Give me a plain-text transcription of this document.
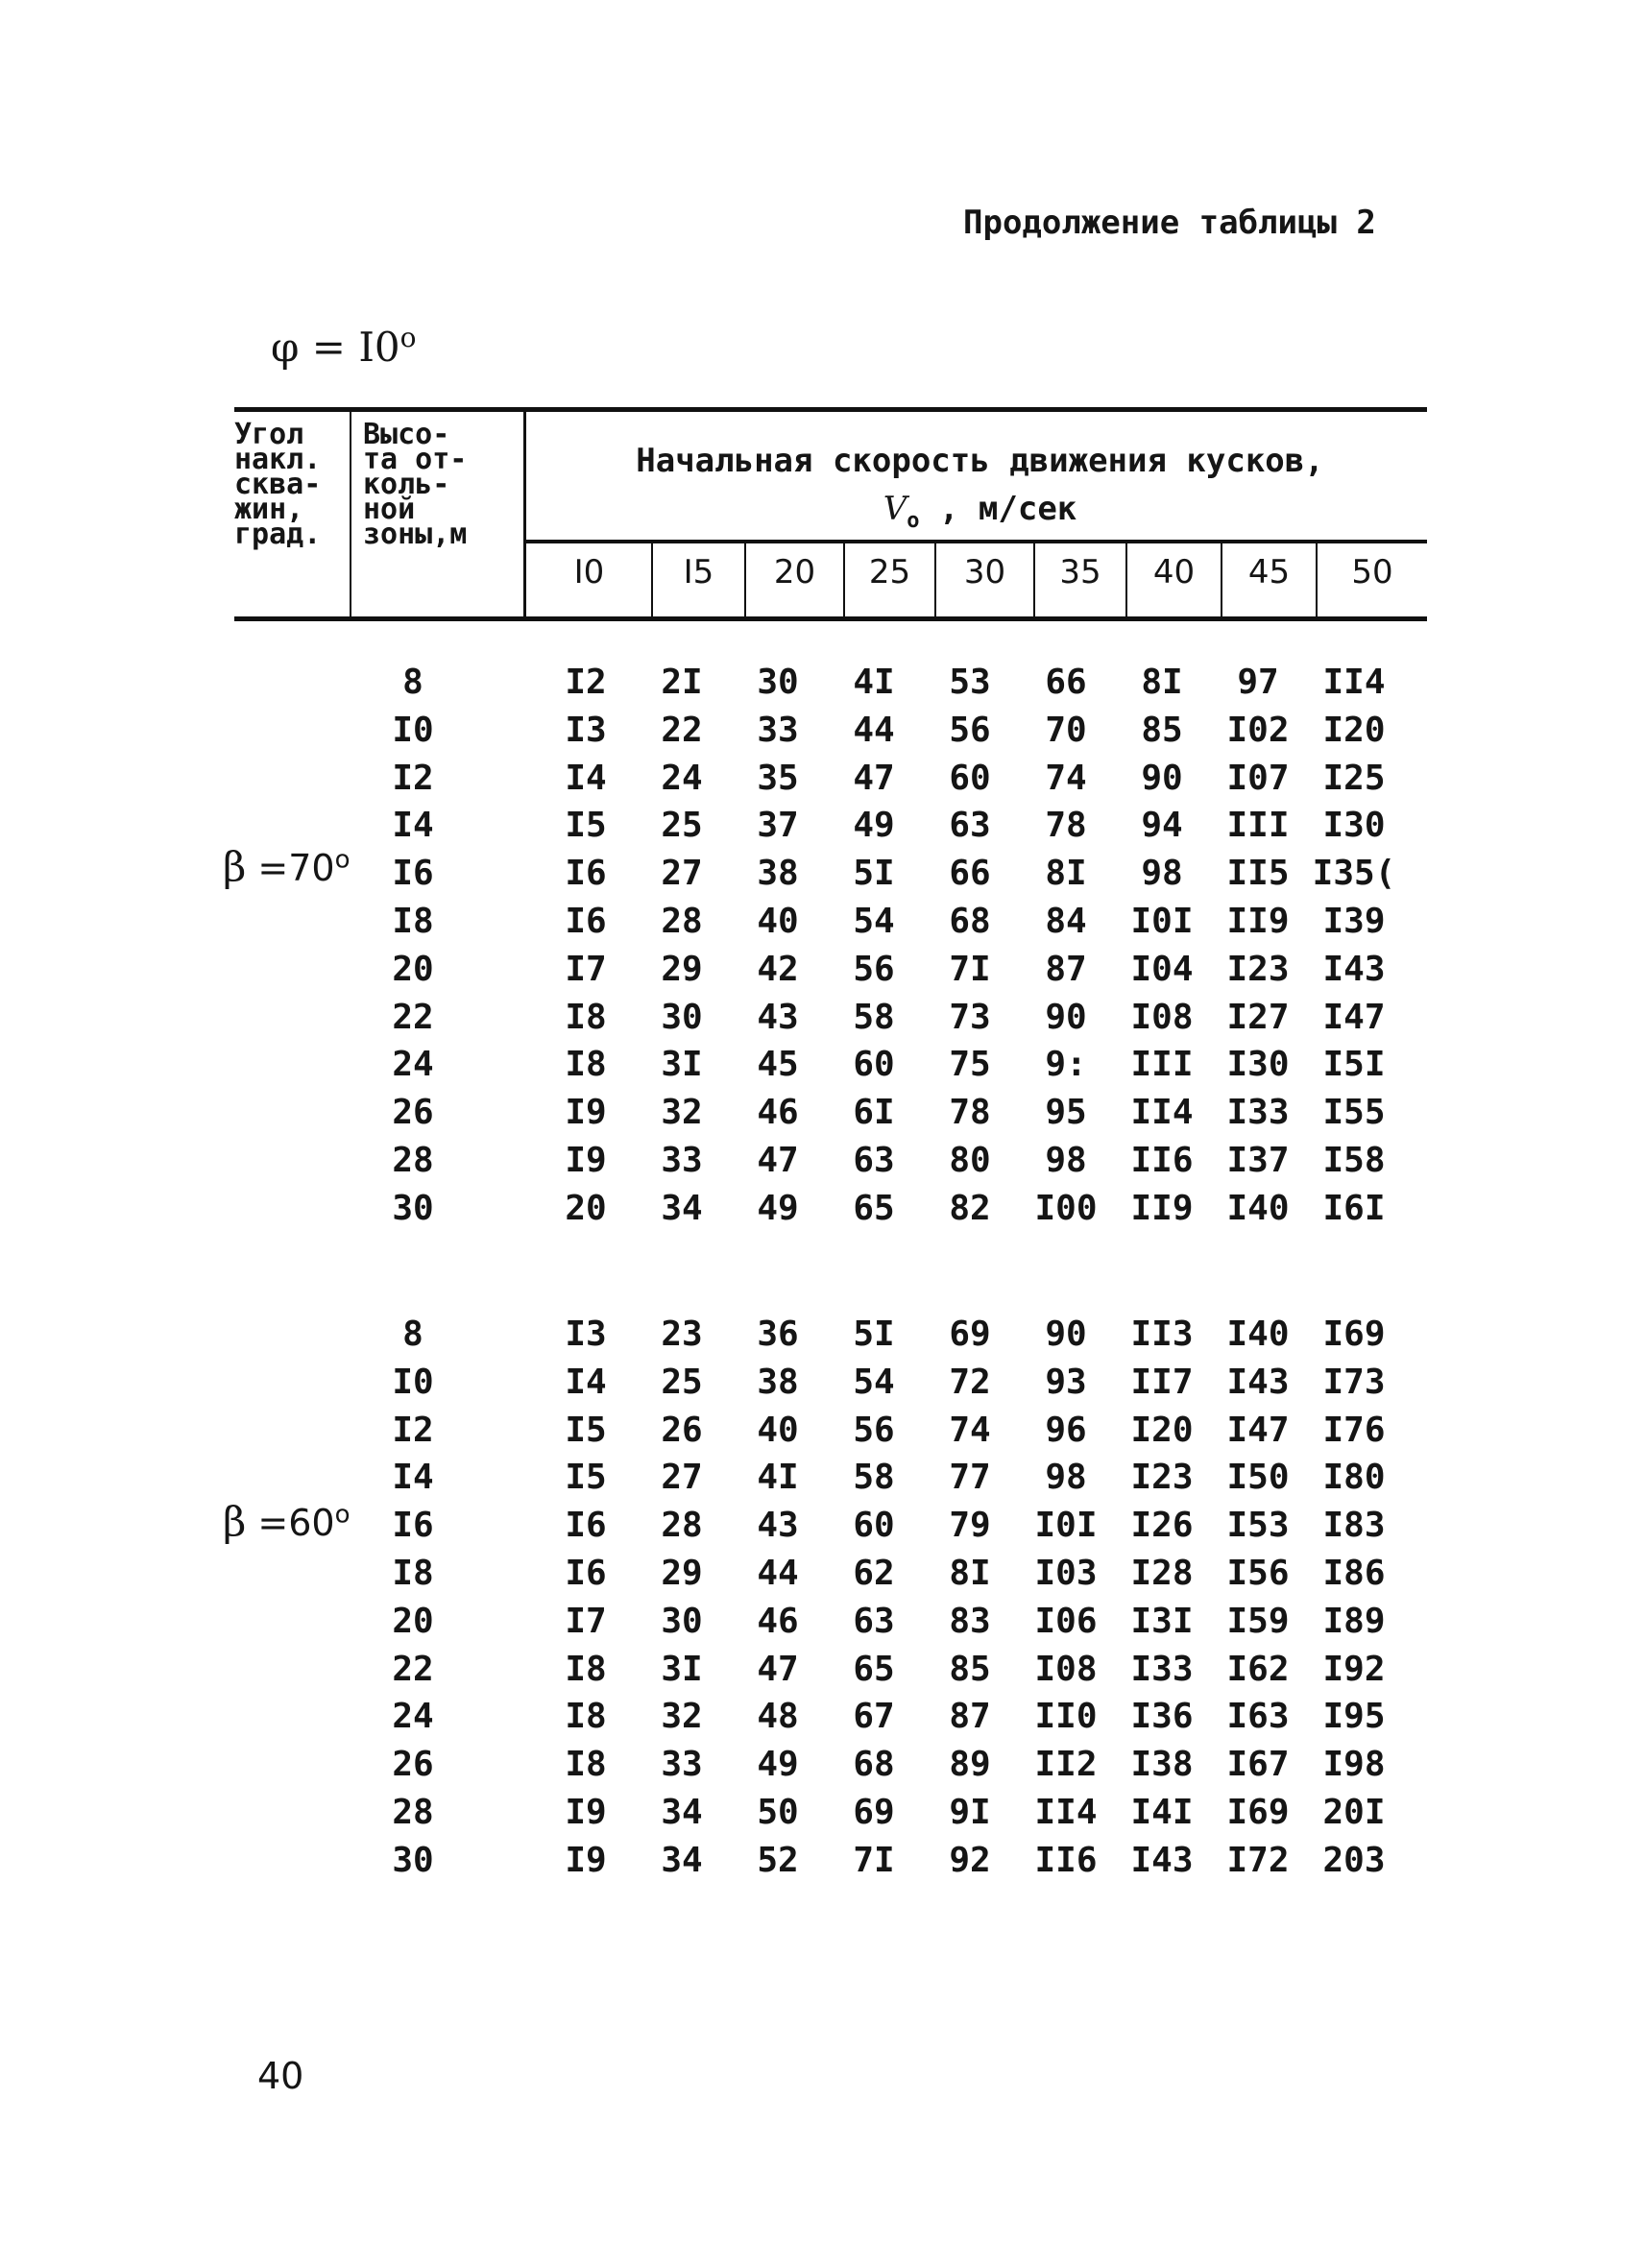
Продолжение таблицы 2
$\varphi = I0^o$
Угол
накл.
сква-
жин,
град.
Высо-
та от-
коль-
ной
зоны,м
Начальная скорость движения кусков,
$V_o$ , м/сек
I0	I5	20	25	30	35	40	45	50
$\beta =70^o$
8	I2	2I	30	4I	53	66	8I	97	II4
I0	I3	22	33	44	56	70	85	I02 I20
I2	I4	24	35	47	60	74	90	I07 I25
I4	I5	25	37	49	63	78	94	III I30
I6	I6	27	38	5I	66	8I	98	II5 I35(
I8	I6	28	40	54	68	84	I0I II9 I39
20	I7	29	42	56	7I	87	I04 I23 I43
22	I8	30	43	58	73	90	I08 I27 I47
24	I8	3I	45	60	75	9:	III I30 I5I
26	I9	32	46	6I	78	95	II4 I33 I55
28	I9	33	47	63	80	98	II6 I37 I58
30	20	34	49	65	82	I00 II9 I40 I6I
$\beta =60^o$
8	I3	23	36	5I	69	90	II3 I40 I69
I0	I4	25	38	54	72	93	II7 I43 I73
I2	I5	26	40	56	74	96	I20 I47 I76
I4	I5	27	4I	58	77	98	I23 I50 I80
I6	I6	28	43	60	79	I0I I26 I53 I83
I8	I6	29	44	62	8I	I03 I28 I56 I86
20	I7	30	46	63	83	I06 I3I I59 I89
22	I8	3I	47	65	85	I08 I33 I62 I92
24	I8	32	48	67	87	II0 I36 I63 I95
26	I8	33	49	68	89	II2 I38 I67 I98
28	I9	34	50	69	9I	II4 I4I I69 20I
30	I9	34	52	7I	92	II6 I43 I72 203
40
